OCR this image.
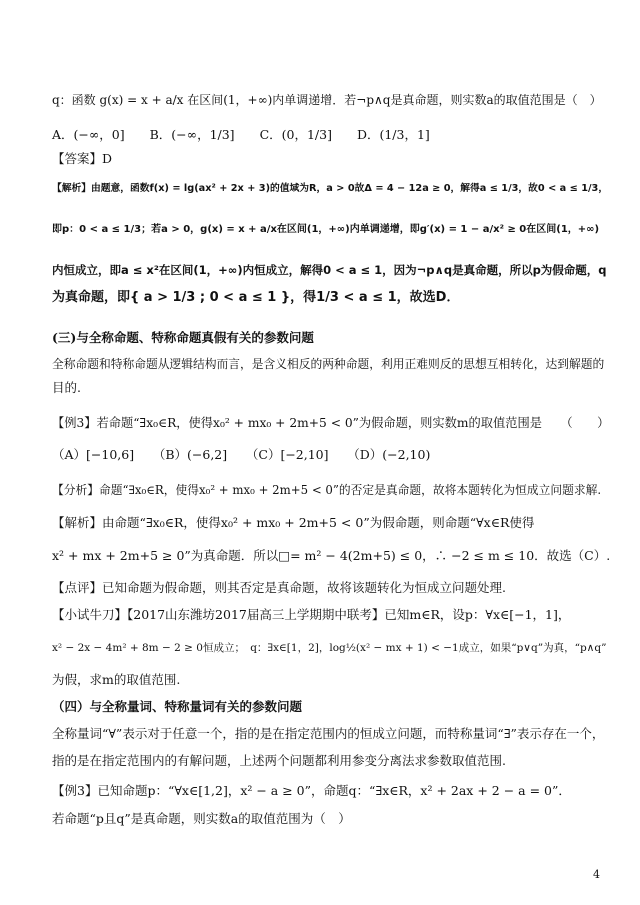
q：函数 g(x) = x + a/x 在区间(1，+∞)内单调递增．若¬p∧q是真命题，则实数a的取值范围是（　）
A．(−∞，0]　　B．(−∞，1/3]　　C．(0，1/3]　　D．(1/3，1]
【答案】D
【解析】由题意，函数f(x) = lg(ax² + 2x + 3)的值域为R，a > 0故Δ = 4 − 12a ≥ 0，解得a ≤ 1/3，故0 < a ≤ 1/3，
即p：0 < a ≤ 1/3；若a > 0，g(x) = x + a/x在区间(1，+∞)内单调递增，即g′(x) = 1 − a/x² ≥ 0在区间(1，+∞)
内恒成立，即a ≤ x²在区间(1，+∞)内恒成立，解得0 < a ≤ 1，因为¬p∧q是真命题，所以p为假命题，q
为真命题，即{ a > 1/3 ; 0 < a ≤ 1 }，得1/3 < a ≤ 1，故选D．
(三)与全称命题、特称命题真假有关的参数问题
全称命题和特称命题从逻辑结构而言，是含义相反的两种命题，利用正难则反的思想互相转化，达到解题的
目的.
【例3】若命题“∃x₀∈R，使得x₀² + mx₀ + 2m+5 < 0”为假命题，则实数m的取值范围是　　（　　）
（A）[−10,6]　　（B）(−6,2]　　（C）[−2,10]　　（D）(−2,10)
【分析】命题“∃x₀∈R，使得x₀² + mx₀ + 2m+5 < 0”的否定是真命题，故将本题转化为恒成立问题求解.
【解析】由命题“∃x₀∈R，使得x₀² + mx₀ + 2m+5 < 0”为假命题，则命题“∀x∈R使得
x² + mx + 2m+5 ≥ 0”为真命题．所以□= m² − 4(2m+5) ≤ 0，∴ −2 ≤ m ≤ 10．故选（C）.
【点评】已知命题为假命题，则其否定是真命题，故将该题转化为恒成立问题处理.
【小试牛刀】【2017山东潍坊2017届高三上学期期中联考】已知m∈R，设p：∀x∈[−1，1]，
x² − 2x − 4m² + 8m − 2 ≥ 0恒成立；　q：∃x∈[1，2]，log½(x² − mx + 1) < −1成立，如果“p∨q”为真，“p∧q”
为假，求m的取值范围.
（四）与全称量词、特称量词有关的参数问题
全称量词“∀”表示对于任意一个，指的是在指定范围内的恒成立问题，而特称量词“∃”表示存在一个，
指的是在指定范围内的有解问题，上述两个问题都利用参变分离法求参数取值范围.
【例3】已知命题p：“∀x∈[1,2]，x² − a ≥ 0”，命题q：“∃x∈R，x² + 2ax + 2 − a = 0”．
若命题“p且q”是真命题，则实数a的取值范围为（　）
4
